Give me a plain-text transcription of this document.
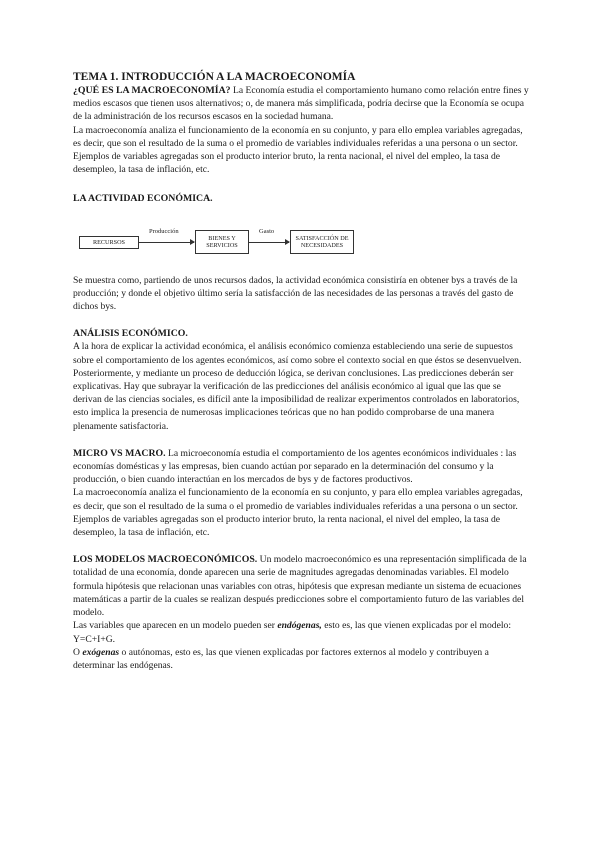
TEMA 1. INTRODUCCIÓN A LA MACROECONOMÍA

¿QUÉ ES LA MACROECONOMÍA? La Economía estudia el comportamiento humano como relación entre fines y medios escasos que tienen usos alternativos; o, de manera más simplificada, podría decirse que la Economía se ocupa de la administración de los recursos escasos en la sociedad humana.

La macroeconomía analiza el funcionamiento de la economía en su conjunto, y para ello emplea variables agregadas, es decir, que son el resultado de la suma o el promedio de variables individuales referidas a una persona o un sector. Ejemplos de variables agregadas son el producto interior bruto, la renta nacional, el nivel del empleo, la tasa de desempleo, la tasa de inflación, etc.

LA ACTIVIDAD ECONÓMICA.

RECURSOS
Producción
BIENES Y SERVICIOS
Gasto
SATISFACCIÓN DE NECESIDADES

Se muestra como, partiendo de unos recursos dados, la actividad económica consistiría en obtener bys a través de la producción; y donde el objetivo último sería la satisfacción de las necesidades de las personas a través del gasto de dichos bys.

ANÁLISIS ECONÓMICO.

A la hora de explicar la actividad económica, el análisis económico comienza estableciendo una serie de supuestos sobre el comportamiento de los agentes económicos, así como sobre el contexto social en que éstos se desenvuelven. Posteriormente, y mediante un proceso de deducción lógica, se derivan conclusiones. Las predicciones deberán ser explicativas. Hay que subrayar la verificación de las predicciones del análisis económico al igual que las que se derivan de las ciencias sociales, es difícil ante la imposibilidad de realizar experimentos controlados en laboratorios, esto implica la presencia de numerosas implicaciones teóricas que no han podido comprobarse de una manera plenamente satisfactoria.

MICRO VS MACRO. La microeconomía estudia el comportamiento de los agentes económicos individuales : las economías domésticas y las empresas, bien cuando actúan por separado en la determinación del consumo y la producción, o bien cuando interactúan en los mercados de bys y de factores productivos.

La macroeconomía analiza el funcionamiento de la economía en su conjunto, y para ello emplea variables agregadas, es decir, que son el resultado de la suma o el promedio de variables individuales referidas a una persona o un sector. Ejemplos de variables agregadas son el producto interior bruto, la renta nacional, el nivel del empleo, la tasa de desempleo, la tasa de inflación, etc.

LOS MODELOS MACROECONÓMICOS. Un modelo macroeconómico es una representación simplificada de la totalidad de una economía, donde aparecen una serie de magnitudes agregadas denominadas variables. El modelo formula hipótesis que relacionan unas variables con otras, hipótesis que expresan mediante un sistema de ecuaciones matemáticas a partir de la cuales se realizan después predicciones sobre el comportamiento futuro de las variables del modelo.

Las variables que aparecen en un modelo pueden ser endógenas, esto es, las que vienen explicadas por el modelo: Y=C+I+G.

O exógenas o autónomas, esto es, las que vienen explicadas por factores externos al modelo y contribuyen a determinar las endógenas.
